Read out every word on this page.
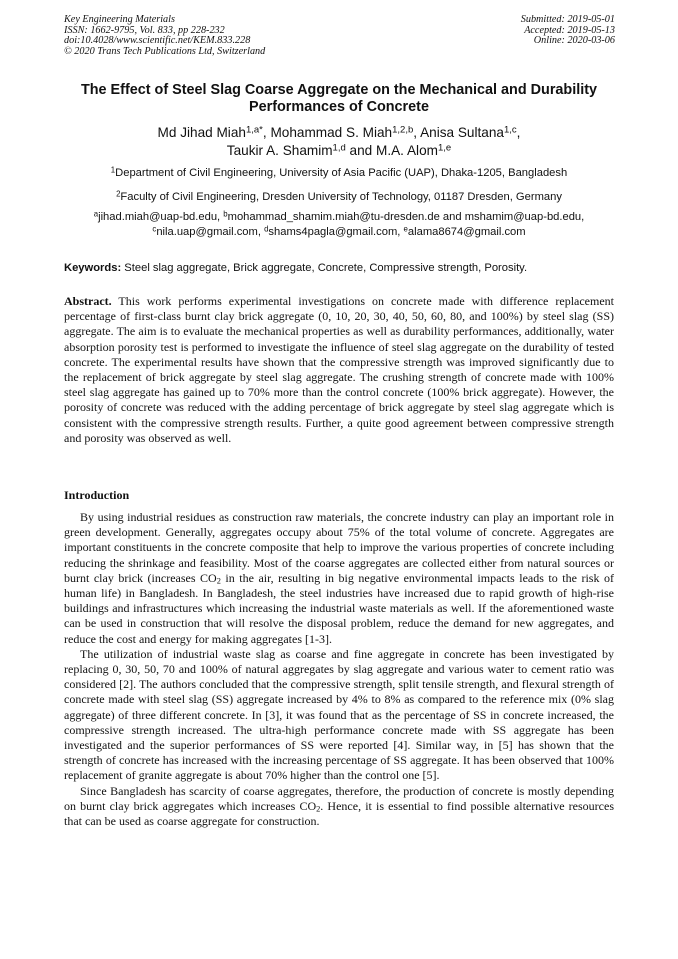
Key Engineering Materials
ISSN: 1662-9795, Vol. 833, pp 228-232
doi:10.4028/www.scientific.net/KEM.833.228
© 2020 Trans Tech Publications Ltd, Switzerland
Submitted: 2019-05-01
Accepted: 2019-05-13
Online: 2020-03-06
The Effect of Steel Slag Coarse Aggregate on the Mechanical and Durability Performances of Concrete
Md Jihad Miah$^{1,a*}$, Mohammad S. Miah$^{1,2,b}$, Anisa Sultana$^{1,c}$,
Taukir A. Shamim$^{1,d}$ and M.A. Alom$^{1,e}$
$^1$Department of Civil Engineering, University of Asia Pacific (UAP), Dhaka-1205, Bangladesh
$^2$Faculty of Civil Engineering, Dresden University of Technology, 01187 Dresden, Germany
$^a$jihad.miah@uap-bd.edu, $^b$mohammad_shamim.miah@tu-dresden.de and mshamim@uap-bd.edu,
$^c$nila.uap@gmail.com, $^d$shams4pagla@gmail.com, $^e$alama8674@gmail.com
Keywords: Steel slag aggregate, Brick aggregate, Concrete, Compressive strength, Porosity.

Abstract. This work performs experimental investigations on concrete made with difference replacement percentage of first-class burnt clay brick aggregate (0, 10, 20, 30, 40, 50, 60, 80, and 100%) by steel slag (SS) aggregate. The aim is to evaluate the mechanical properties as well as durability performances, additionally, water absorption porosity test is performed to investigate the influence of steel slag aggregate on the durability of tested concrete. The experimental results have shown that the compressive strength was improved significantly due to the replacement of brick aggregate by steel slag aggregate. The crushing strength of concrete made with 100% steel slag aggregate has gained up to 70% more than the control concrete (100% brick aggregate). However, the porosity of concrete was reduced with the adding percentage of brick aggregate by steel slag aggregate which is consistent with the compressive strength results. Further, a quite good agreement between compressive strength and porosity was observed as well.

Introduction

By using industrial residues as construction raw materials, the concrete industry can play an important role in green development. Generally, aggregates occupy about 75% of the total volume of concrete. Aggregates are important constituents in the concrete composite that help to improve the various properties of concrete including reducing the shrinkage and feasibility. Most of the coarse aggregates are collected either from natural sources or burnt clay brick (increases $CO_2$ in the air, resulting in big negative environmental impacts leads to the risk of human life) in Bangladesh. In Bangladesh, the steel industries have increased due to rapid growth of high-rise buildings and infrastructures which increasing the industrial waste materials as well. If the aforementioned waste can be used in construction that will resolve the disposal problem, reduce the demand for new aggregates, and reduce the cost and energy for making aggregates [1-3].

The utilization of industrial waste slag as coarse and fine aggregate in concrete has been investigated by replacing 0, 30, 50, 70 and 100% of natural aggregates by slag aggregate and various water to cement ratio was considered [2]. The authors concluded that the compressive strength, split tensile strength, and flexural strength of concrete made with steel slag (SS) aggregate increased by 4% to 8% as compared to the reference mix (0% slag aggregate) of three different concrete. In [3], it was found that as the percentage of SS in concrete increased, the compressive strength increased. The ultra-high performance concrete made with SS aggregate has been investigated and the superior performances of SS were reported [4]. Similar way, in [5] has shown that the strength of concrete has increased with the increasing percentage of SS aggregate. It has been observed that 100% replacement of granite aggregate is about 70% higher than the control one [5].

Since Bangladesh has scarcity of coarse aggregates, therefore, the production of concrete is mostly depending on burnt clay brick aggregates which increases $CO_2$. Hence, it is essential to find possible alternative resources that can be used as coarse aggregate for construction.
